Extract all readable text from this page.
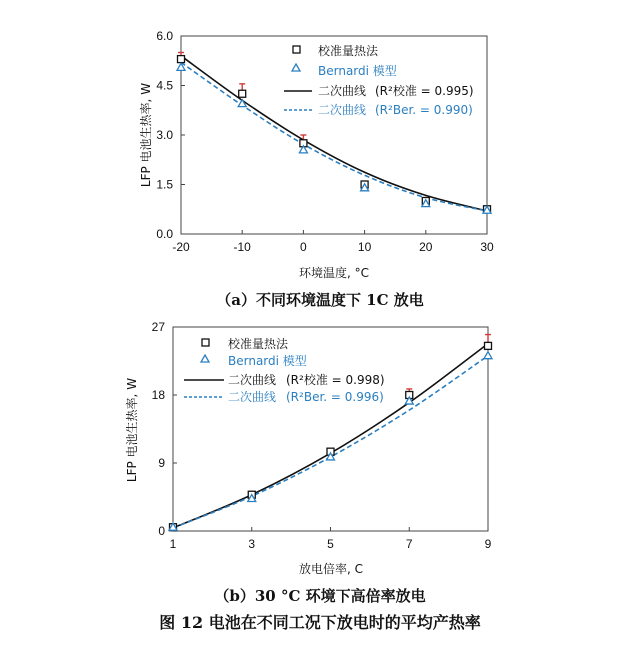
-20	-10	0	10	20	30
0.0
1.5
3.0
4.5
6.0
LFP 电池生热率, W
环境温度, °C
校准量热法
Bernardi 模型
二次曲线 (R²校准 = 0.995)
二次曲线 (R²Ber. = 0.990)
（a）不同环境温度下 1C 放电
1	3	5	7	9
0
9
18
27
LFP 电池生热率, W
放电倍率, C
校准量热法
Bernardi 模型
二次曲线 (R²校准 = 0.998)
二次曲线 (R²Ber. = 0.996)
（b）30 °C 环境下高倍率放电
图 12 电池在不同工况下放电时的平均产热率
